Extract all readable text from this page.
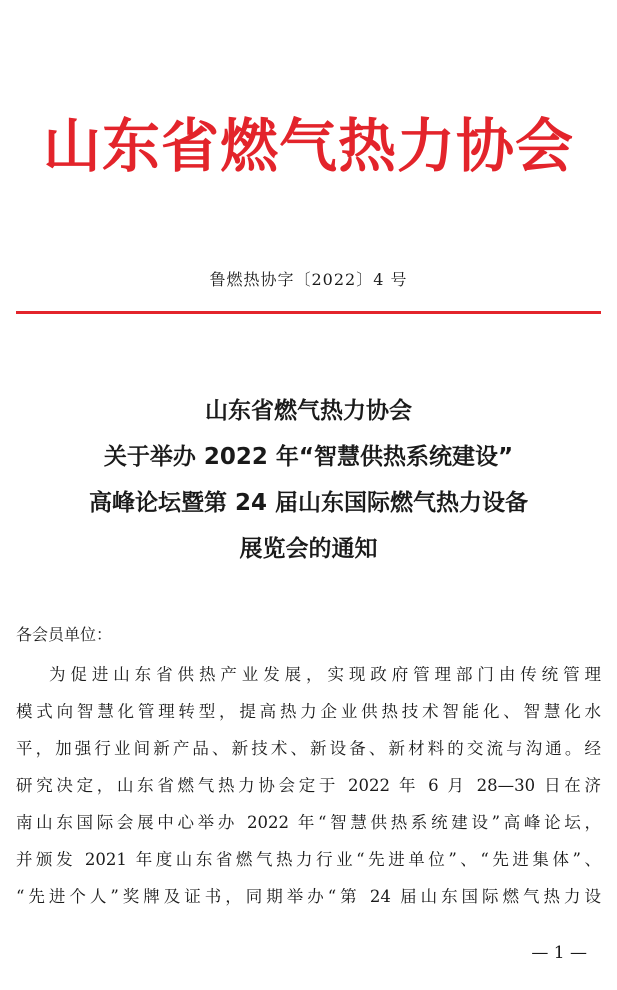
山东省燃气热力协会
鲁燃热协字〔2022〕4 号
山东省燃气热力协会
关于举办 2022 年“智慧供热系统建设”
高峰论坛暨第 24 届山东国际燃气热力设备
展览会的通知
各会员单位：
为促进山东省供热产业发展，实现政府管理部门由传统管理
模式向智慧化管理转型，提高热力企业供热技术智能化、智慧化水
平，加强行业间新产品、新技术、新设备、新材料的交流与沟通。经
研究决定，山东省燃气热力协会定于 2022 年 6 月 28—30 日在济
南山东国际会展中心举办 2022 年“智慧供热系统建设”高峰论坛，
并颁发 2021 年度山东省燃气热力行业“先进单位”、“先进集体”、
“先进个人”奖牌及证书，同期举办“第 24 届山东国际燃气热力设
— 1 —
